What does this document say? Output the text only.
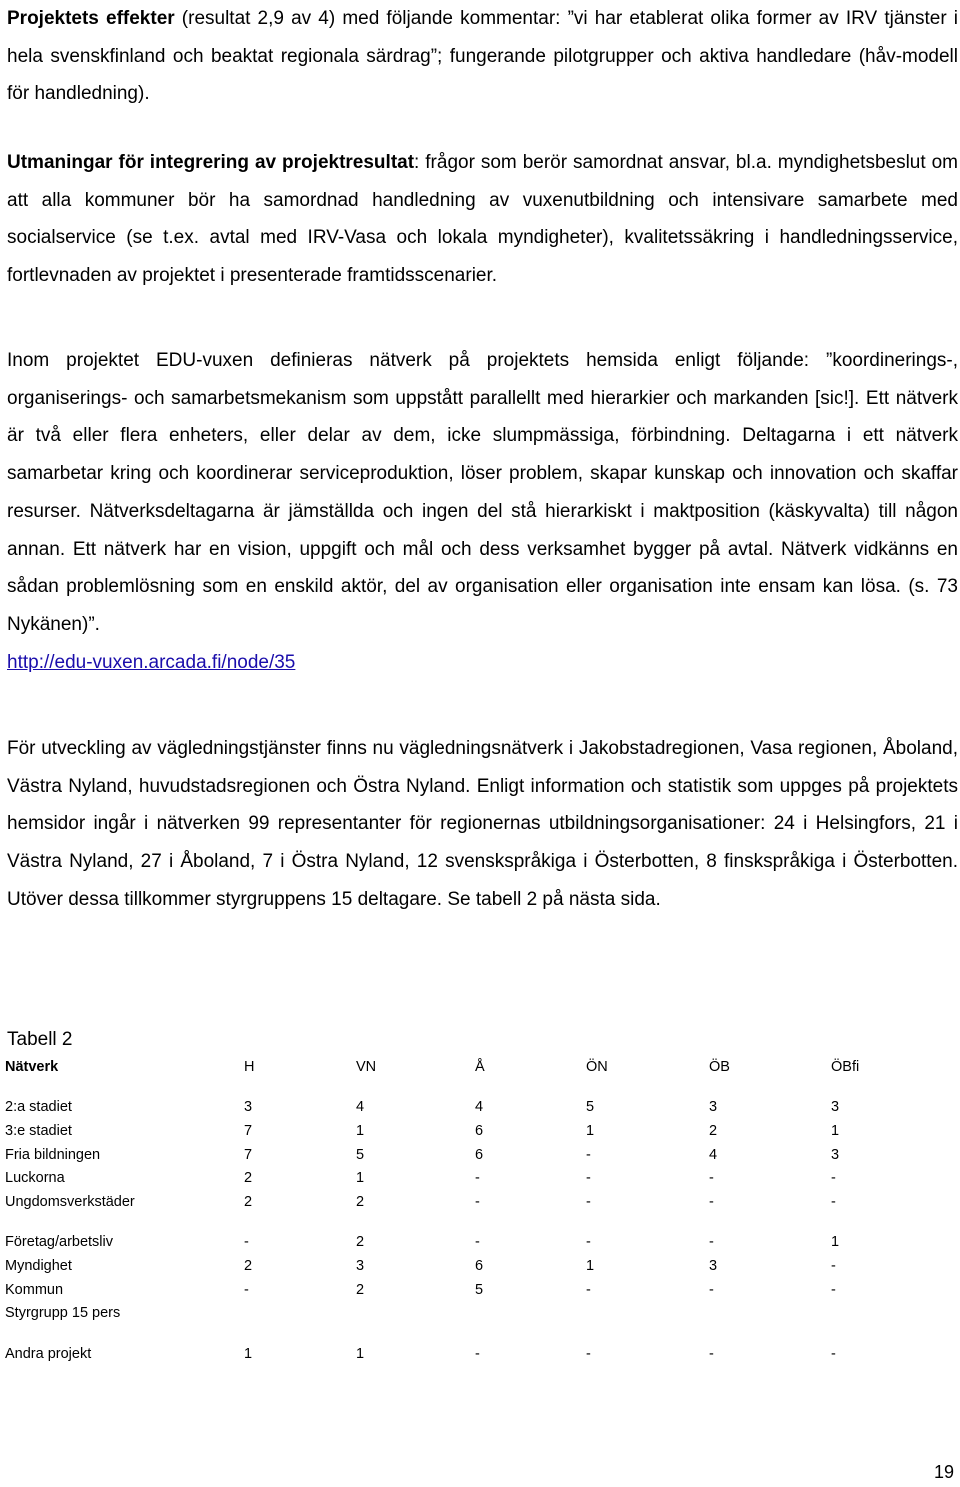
Projektets effekter (resultat 2,9 av 4) med följande kommentar: ”vi har etablerat olika former av IRV tjänster i hela svenskfinland och beaktat regionala särdrag”; fungerande pilotgrupper och aktiva handledare (håv-modell för handledning).

Utmaningar för integrering av projektresultat: frågor som berör samordnat ansvar, bl.a. myndighetsbeslut om att alla kommuner bör ha samordnad handledning av vuxenutbildning och intensivare samarbete med socialservice (se t.ex. avtal med IRV-Vasa och lokala myndigheter), kvalitetssäkring i handledningsservice, fortlevnaden av projektet i presenterade framtidsscenarier.

Inom projektet EDU-vuxen definieras nätverk på projektets hemsida enligt följande: ”koordinerings-, organiserings- och samarbetsmekanism som uppstått parallellt med hierarkier och markanden [sic!]. Ett nätverk är två eller flera enheters, eller delar av dem, icke slumpmässiga, förbindning. Deltagarna i ett nätverk samarbetar kring och koordinerar serviceproduktion, löser problem, skapar kunskap och innovation och skaffar resurser. Nätverksdeltagarna är jämställda och ingen del stå hierarkiskt i maktposition (käskyvalta) till någon annan. Ett nätverk har en vision, uppgift och mål och dess verksamhet bygger på avtal. Nätverk vidkänns en sådan problemlösning som en enskild aktör, del av organisation eller organisation inte ensam kan lösa. (s. 73 Nykänen)”.
http://edu-vuxen.arcada.fi/node/35

För utveckling av vägledningstjänster finns nu vägledningsnätverk i Jakobstadregionen, Vasa regionen, Åboland, Västra Nyland, huvudstadsregionen och Östra Nyland. Enligt information och statistik som uppges på projektets hemsidor ingår i nätverken 99 representanter för regionernas utbildningsorganisationer: 24 i Helsingfors, 21 i Västra Nyland, 27 i Åboland, 7 i Östra Nyland, 12 svenskspråkiga i Österbotten, 8 finskspråkiga i Österbotten. Utöver dessa tillkommer styrgruppens 15 deltagare. Se tabell 2 på nästa sida.

Tabell 2
Nätverk	H	VN	Å	ÖN	ÖB	ÖBfi

2:a stadiet	3	4	4	5	3	3
3:e stadiet	7	1	6	1	2	1
Fria bildningen	7	5	6	-	4	3
Luckorna	2	1	-	-	-	-
Ungdomsverkstäder	2	2	-	-	-	-

Företag/arbetsliv	-	2	-	-	-	1
Myndighet	2	3	6	1	3	-
Kommun	-	2	5	-	-	-
Styrgrupp 15 pers						

Andra projekt	1	1	-	-	-	-
19
